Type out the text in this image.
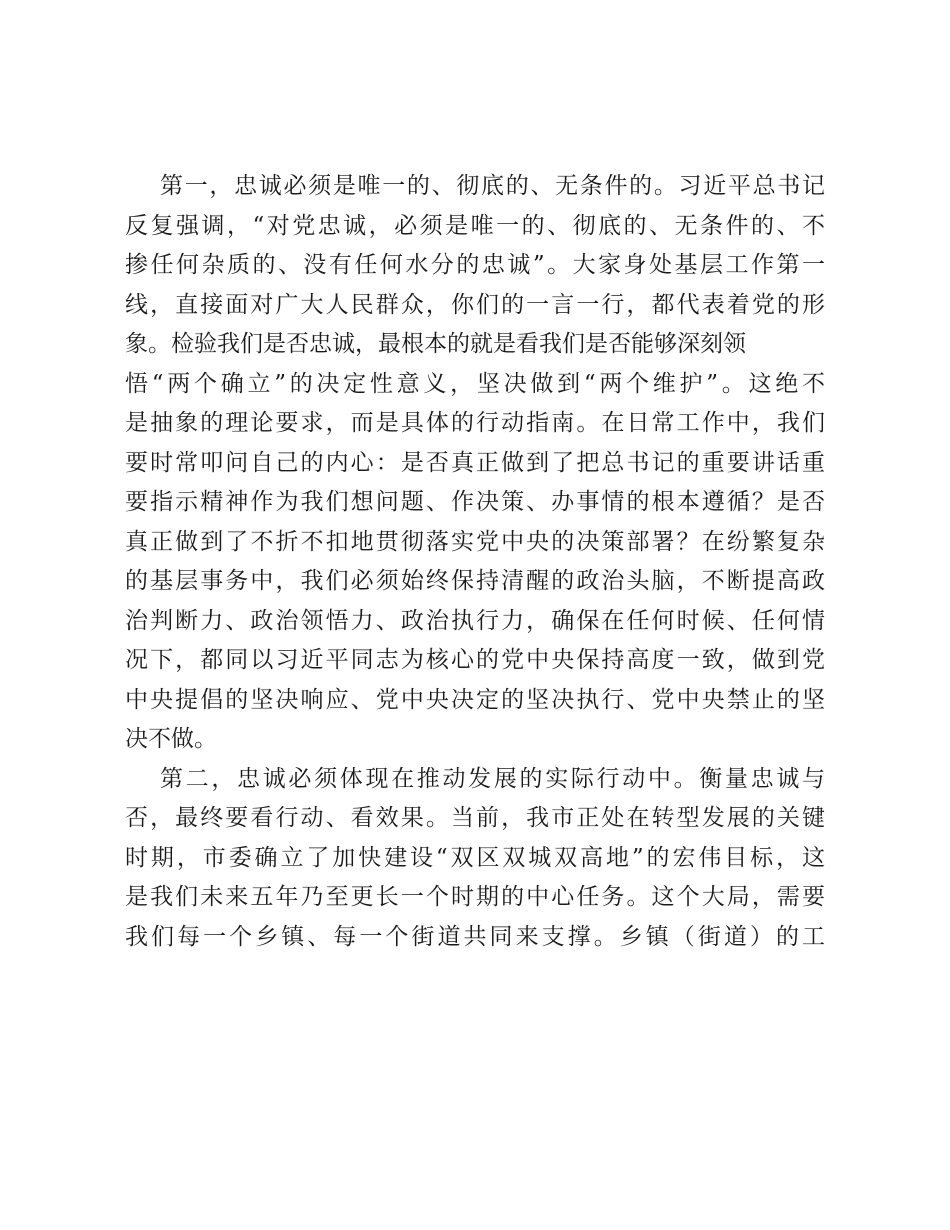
第一，忠诚必须是唯一的、彻底的、无条件的。习近平总书记
反复强调，“对党忠诚，必须是唯一的、彻底的、无条件的、不
掺任何杂质的、没有任何水分的忠诚”。大家身处基层工作第一
线，直接面对广大人民群众，你们的一言一行，都代表着党的形
象。检验我们是否忠诚，最根本的就是看我们是否能够深刻领
悟“两个确立”的决定性意义，坚决做到“两个维护”。这绝不
是抽象的理论要求，而是具体的行动指南。在日常工作中，我们
要时常叩问自己的内心：是否真正做到了把总书记的重要讲话重
要指示精神作为我们想问题、作决策、办事情的根本遵循？是否
真正做到了不折不扣地贯彻落实党中央的决策部署？在纷繁复杂
的基层事务中，我们必须始终保持清醒的政治头脑，不断提高政
治判断力、政治领悟力、政治执行力，确保在任何时候、任何情
况下，都同以习近平同志为核心的党中央保持高度一致，做到党
中央提倡的坚决响应、党中央决定的坚决执行、党中央禁止的坚
决不做。
第二，忠诚必须体现在推动发展的实际行动中。衡量忠诚与
否，最终要看行动、看效果。当前，我市正处在转型发展的关键
时期，市委确立了加快建设“双区双城双高地”的宏伟目标，这
是我们未来五年乃至更长一个时期的中心任务。这个大局，需要
我们每一个乡镇、每一个街道共同来支撑。乡镇（街道）的工
